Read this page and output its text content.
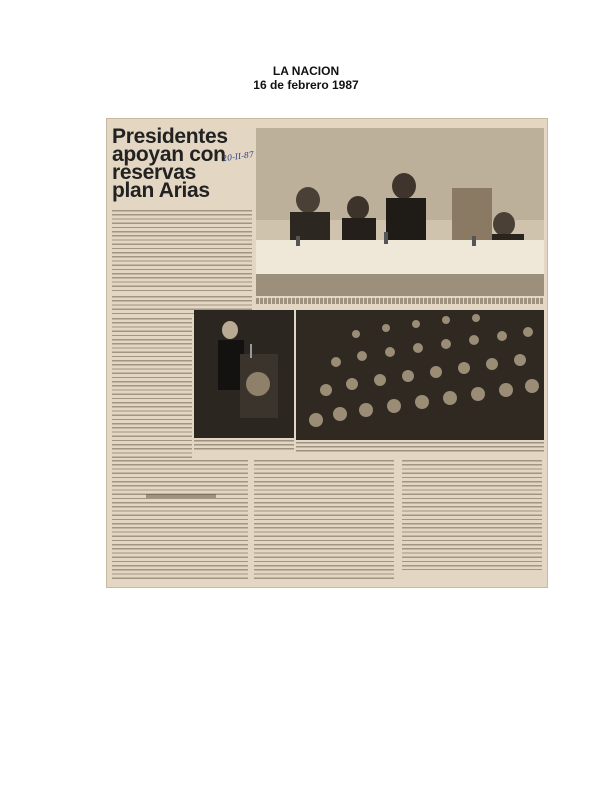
LA NACION
16 de febrero 1987
Presidentes
apoyan con
reservas
plan Arias
20-II-87
